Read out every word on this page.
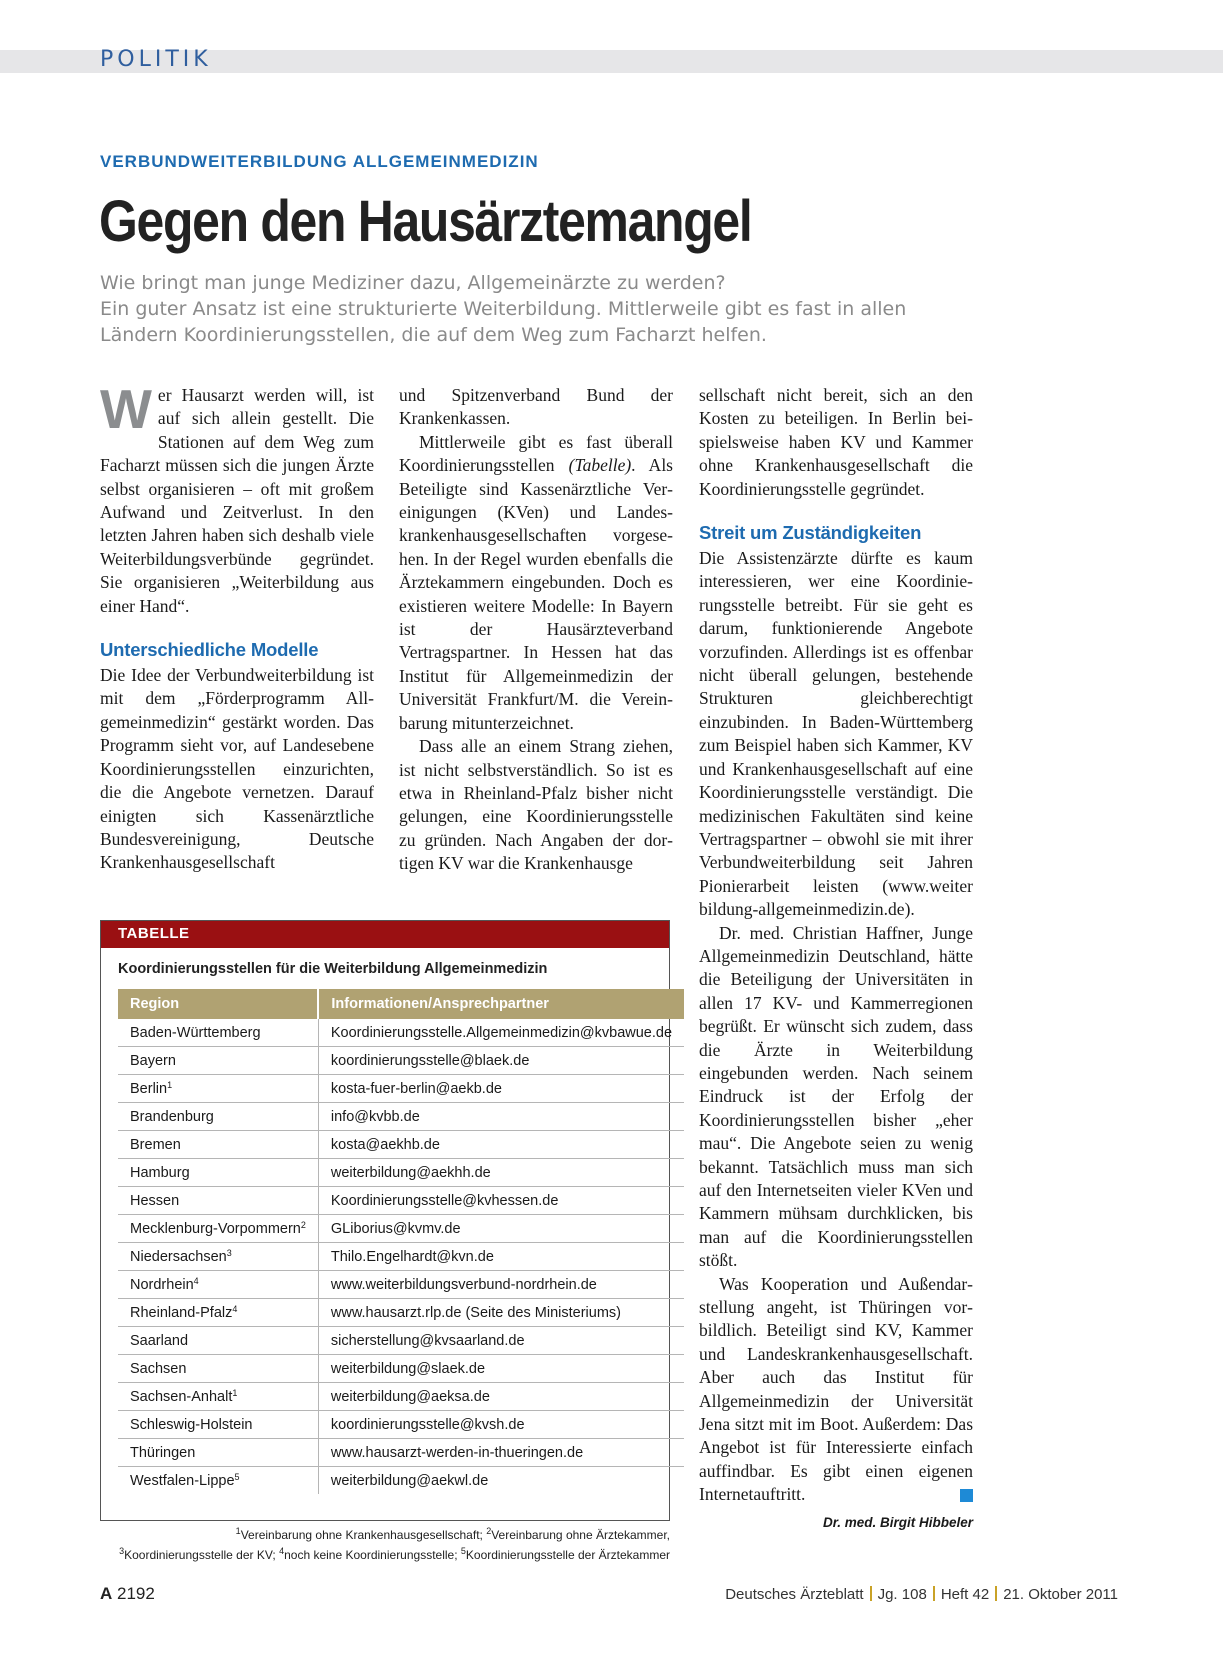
POLITIK
VERBUNDWEITERBILDUNG ALLGEMEINMEDIZIN
Gegen den Hausärztemangel

Wie bringt man junge Mediziner dazu, Allgemeinärzte zu werden?

Ein guter Ansatz ist eine strukturierte Weiterbildung. Mittlerweile gibt es fast in allen Ländern Koordinierungsstellen, die auf dem Weg zum Facharzt helfen.

Wer Hausarzt werden will, ist auf sich allein gestellt. Die Stationen auf dem Weg zum Facharzt müssen sich die jungen Ärzte selbst organisieren – oft mit großem Aufwand und Zeitverlust. In den letzten Jahren haben sich deshalb viele Weiterbildungsverbünde gegründet. Sie organisieren „Weiterbildung aus einer Hand“.

Unterschiedliche Modelle

Die Idee der Verbundweiterbildung ist mit dem „Förderprogramm Allgemeinmedizin“ gestärkt worden. Das Programm sieht vor, auf Landesebene Koordinierungsstellen einzurichten, die die Angebote vernetzen. Darauf einigten sich Kassenärztliche Bundesvereinigung, Deutsche Krankenhausgesellschaft

und Spitzenverband Bund der Krankenkassen.

Mittlerweile gibt es fast überall Koordinierungsstellen (Tabelle). Als Beteiligte sind Kassenärztliche Vereinigungen (KVen) und Landeskrankenhausgesellschaften vorgesehen. In der Regel wurden ebenfalls die Ärztekammern eingebunden. Doch es existieren weitere Modelle: In Bayern ist der Hausärzteverband Vertragspartner. In Hessen hat das Institut für Allgemeinmedizin der Universität Frankfurt/M. die Vereinbarung mitunterzeichnet.

Dass alle an einem Strang ziehen, ist nicht selbstverständlich. So ist es etwa in Rheinland-Pfalz bisher nicht gelungen, eine Koordinierungsstelle zu gründen. Nach Angaben der dortigen KV war die Krankenhausge

sellschaft nicht bereit, sich an den Kosten zu beteiligen. In Berlin beispielsweise haben KV und Kammer ohne Krankenhausgesellschaft die Koordinierungsstelle gegründet.

Streit um Zuständigkeiten

Die Assistenzärzte dürfte es kaum interessieren, wer eine Koordinierungsstelle betreibt. Für sie geht es darum, funktionierende Angebote vorzufinden. Allerdings ist es offenbar nicht überall gelungen, bestehende Strukturen gleichberechtigt einzubinden. In Baden-Württemberg zum Beispiel haben sich Kammer, KV und Krankenhausgesellschaft auf eine Koordinierungsstelle verständigt. Die medizinischen Fakultäten sind keine Vertragspartner – obwohl sie mit ihrer Verbundweiterbildung seit Jahren Pionierarbeit leisten (www.weiter bildung-allgemeinmedizin.de).

Dr. med. Christian Haffner, Junge Allgemeinmedizin Deutschland, hätte die Beteiligung der Universitäten in allen 17 KV- und Kammerregionen begrüßt. Er wünscht sich zudem, dass die Ärzte in Weiterbildung eingebunden werden. Nach seinem Eindruck ist der Erfolg der Koordinierungsstellen bisher „eher mau“. Die Angebote seien zu wenig bekannt. Tatsächlich muss man sich auf den Internetseiten vieler KVen und Kammern mühsam durchklicken, bis man auf die Koordinierungsstellen stößt.

Was Kooperation und Außendarstellung angeht, ist Thüringen vorbildlich. Beteiligt sind KV, Kammer und Landeskrankenhausgesellschaft. Aber auch das Institut für Allgemeinmedizin der Universität Jena sitzt mit im Boot. Außerdem: Das Angebot ist für Interessierte einfach auffindbar. Es gibt einen eigenen Internetauftritt.

Dr. med. Birgit Hibbeler
TABELLE
Koordinierungsstellen für die Weiterbildung Allgemeinmedizin
Region	Informationen/Ansprechpartner
Baden-Württemberg	Koordinierungsstelle.Allgemeinmedizin@kvbawue.de
Bayern	koordinierungsstelle@blaek.de
Berlin$^1$	kosta-fuer-berlin@aekb.de
Brandenburg	info@kvbb.de
Bremen	kosta@aekhb.de
Hamburg	weiterbildung@aekhh.de
Hessen	Koordinierungsstelle@kvhessen.de
Mecklenburg-Vorpommern$^2$	GLiborius@kvmv.de
Niedersachsen$^3$	Thilo.Engelhardt@kvn.de
Nordrhein$^4$	www.weiterbildungsverbund-nordrhein.de
Rheinland-Pfalz$^4$	www.hausarzt.rlp.de (Seite des Ministeriums)
Saarland	sicherstellung@kvsaarland.de
Sachsen	weiterbildung@slaek.de
Sachsen-Anhalt$^1$	weiterbildung@aeksa.de
Schleswig-Holstein	koordinierungsstelle@kvsh.de
Thüringen	www.hausarzt-werden-in-thueringen.de
Westfalen-Lippe$^5$	weiterbildung@aekwl.de
$^1$Vereinbarung ohne Krankenhausgesellschaft; $^2$Vereinbarung ohne Ärztekammer,
$^3$Koordinierungsstelle der KV; $^4$noch keine Koordinierungsstelle; $^5$Koordinierungsstelle der Ärztekammer
A 2192	Deutsches Ärzteblatt Jg. 108 Heft 42 21. Oktober 2011
